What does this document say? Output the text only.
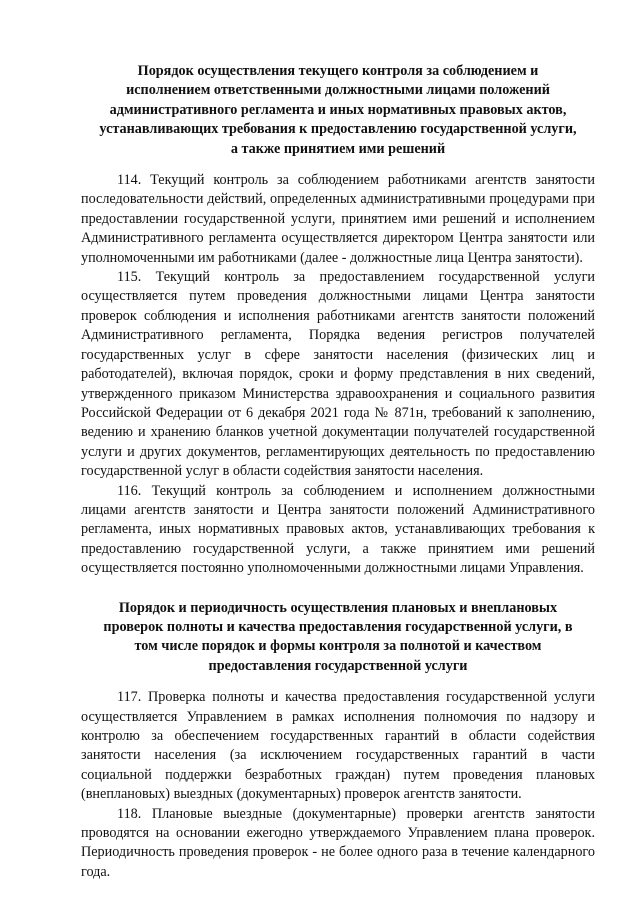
Порядок осуществления текущего контроля за соблюдением и
исполнением ответственными должностными лицами положений
административного регламента и иных нормативных правовых актов,
устанавливающих требования к предоставлению государственной услуги,
а также принятием ими решений

114. Текущий контроль за соблюдением работниками агентств занятости последовательности действий, определенных административными процедурами при предоставлении государственной услуги, принятием ими решений и исполнением Административного регламента осуществляется директором Центра занятости или уполномоченными им работниками (далее - должностные лица Центра занятости).

115. Текущий контроль за предоставлением государственной услуги осуществляется путем проведения должностными лицами Центра занятости проверок соблюдения и исполнения работниками агентств занятости положений Административного регламента, Порядка ведения регистров получателей государственных услуг в сфере занятости населения (физических лиц и работодателей), включая порядок, сроки и форму представления в них сведений, утвержденного приказом Министерства здравоохранения и социального развития Российской Федерации от 6 декабря 2021 года № 871н, требований к заполнению, ведению и хранению бланков учетной документации получателей государственной услуги и других документов, регламентирующих деятельность по предоставлению государственной услуг в области содействия занятости населения.

116. Текущий контроль за соблюдением и исполнением должностными лицами агентств занятости и Центра занятости положений Административного регламента, иных нормативных правовых актов, устанавливающих требования к предоставлению государственной услуги, а также принятием ими решений осуществляется постоянно уполномоченными должностными лицами Управления.

Порядок и периодичность осуществления плановых и внеплановых
проверок полноты и качества предоставления государственной услуги, в
том числе порядок и формы контроля за полнотой и качеством
предоставления государственной услуги

117. Проверка полноты и качества предоставления государственной услуги осуществляется Управлением в рамках исполнения полномочия по надзору и контролю за обеспечением государственных гарантий в области содействия занятости населения (за исключением государственных гарантий в части социальной поддержки безработных граждан) путем проведения плановых (внеплановых) выездных (документарных) проверок агентств занятости.

118. Плановые выездные (документарные) проверки агентств занятости проводятся на основании ежегодно утверждаемого Управлением плана проверок. Периодичность проведения проверок - не более одного раза в течение календарного года.
